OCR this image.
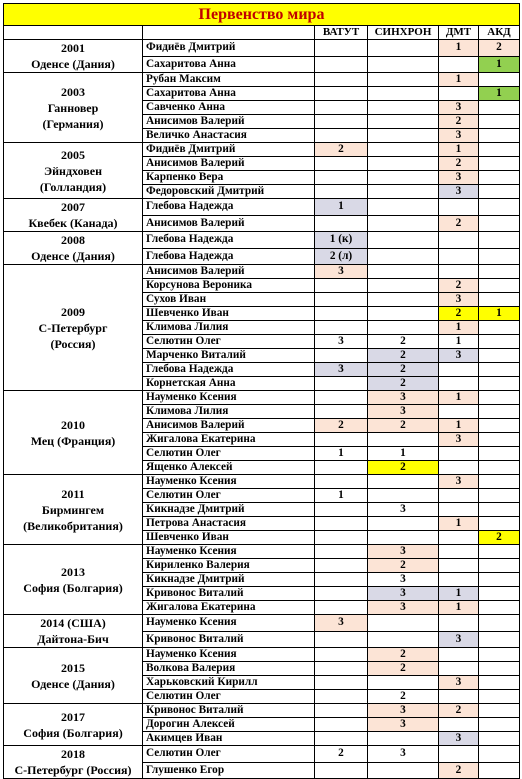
Первенство мира					
		ВАТУТ	СИНХРОН	ДМТ	АКД

2001
Оденсе (Дания)	Фидиёв Дмитрий			1	2
	Сахаритова Анна				1

2003
Ганновер
(Германия)	Рубан Максим			1	
	Сахаритова Анна				1
	Савченко Анна			3	
	Анисимов Валерий			2	
	Величко Анастасия			3	

2005
Эйндховен
(Голландия)	Фидиёв Дмитрий	2		1	
	Анисимов Валерий			2	
	Карпенко Вера			3	
	Федоровский Дмитрий			3	

2007
Квебек (Канада)	Глебова Надежда	1			
	Анисимов Валерий			2	

2008
Оденсе (Дания)	Глебова Надежда	1 (к)			
	Глебова Надежда	2 (л)			

2009
С-Петербург
(Россия)	Анисимов Валерий	3			
	Корсунова Вероника			2	
	Сухов Иван			3	
	Шевченко Иван			2	1
	Климова Лилия			1	
	Селютин Олег	3	2	1	
	Марченко Виталий		2	3	
	Глебова Надежда	3	2		
	Корнетская Анна		2		

2010
Мец (Франция)	Науменко Ксения		3	1	
	Климова Лилия		3		
	Анисимов Валерий	2	2	1	
	Жигалова Екатерина			3	
	Селютин Олег	1	1		
	Ященко Алексей		2		

2011
Бирмингем
(Великобритания)	Науменко Ксения			3	
	Селютин Олег	1			
	Кикнадзе Дмитрий		3		
	Петрова Анастасия			1	
	Шевченко Иван				2

2013
София (Болгария)	Науменко Ксения		3		
	Кириленко Валерия		2		
	Кикнадзе Дмитрий		3		
	Кривонос Виталий		3	1	
	Жигалова Екатерина		3	1	

2014 (США)
Дайтона-Бич	Науменко Ксения	3			
	Кривонос Виталий			3	

2015
Оденсе (Дания)	Науменко Ксения		2		
	Волкова Валерия		2		
	Харьковский Кирилл			3	
	Селютин Олег		2		

2017
София (Болгария)	Кривонос Виталий		3	2	
	Дорогин Алексей		3		
	Акимцев Иван			3	

2018
С-Петербург (Россия)	Селютин Олег	2	3		
	Глушенко Егор			2	
